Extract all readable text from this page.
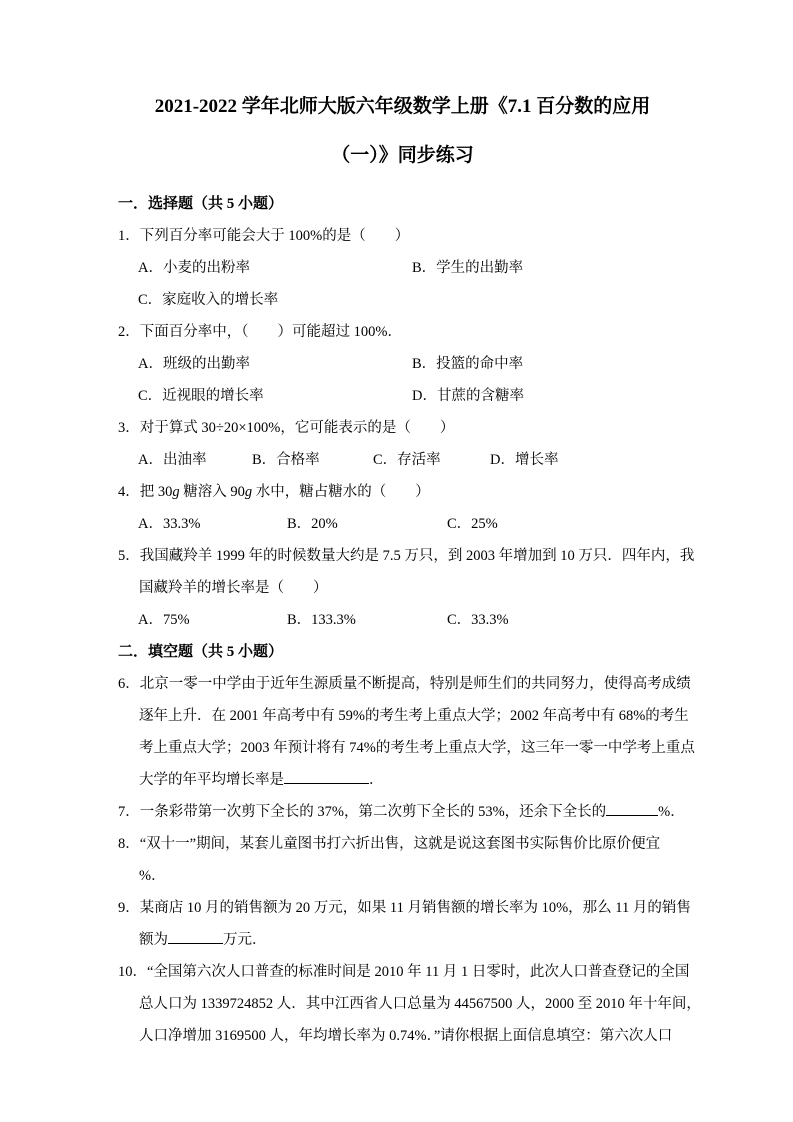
2021-2022 学年北师大版六年级数学上册《7.1 百分数的应用
（一）》同步练习
一．选择题（共 5 小题）
1．下列百分率可能会大于 100%的是（　　）
A．小麦的出粉率	B．学生的出勤率
C．家庭收入的增长率
2．下面百分率中，（　　）可能超过 100%．
A．班级的出勤率	B．投篮的命中率
C．近视眼的增长率	D．甘蔗的含糖率
3．对于算式 30÷20×100%，它可能表示的是（　　）
A．出油率	B．合格率	C．存活率	D．增长率
4．把 30g 糖溶入 90g 水中，糖占糖水的（　　）
A．33.3%	B．20%	C．25%
5．我国藏羚羊 1999 年的时候数量大约是 7.5 万只，到 2003 年增加到 10 万只．四年内，我
国藏羚羊的增长率是（　　）
A．75%	B．133.3%	C．33.3%
二．填空题（共 5 小题）
6．北京一零一中学由于近年生源质量不断提高，特别是师生们的共同努力，使得高考成绩
逐年上升．在 2001 年高考中有 59%的考生考上重点大学；2002 年高考中有 68%的考生
考上重点大学；2003 年预计将有 74%的考生考上重点大学，这三年一零一中学考上重点
大学的年平均增长率是	．
7．一条彩带第一次剪下全长的 37%，第二次剪下全长的 53%，还余下全长的	%．
8．“双十一”期间，某套儿童图书打六折出售，这就是说这套图书实际售价比原价便宜
%．
9．某商店 10 月的销售额为 20 万元，如果 11 月销售额的增长率为 10%，那么 11 月的销售
额为	万元．
10．“全国第六次人口普查的标准时间是 2010 年 11 月 1 日零时，此次人口普查登记的全国
总人口为 1339724852 人．其中江西省人口总量为 44567500 人，2000 至 2010 年十年间，
人口净增加 3169500 人，年均增长率为 0.74%．”请你根据上面信息填空：第六次人口
